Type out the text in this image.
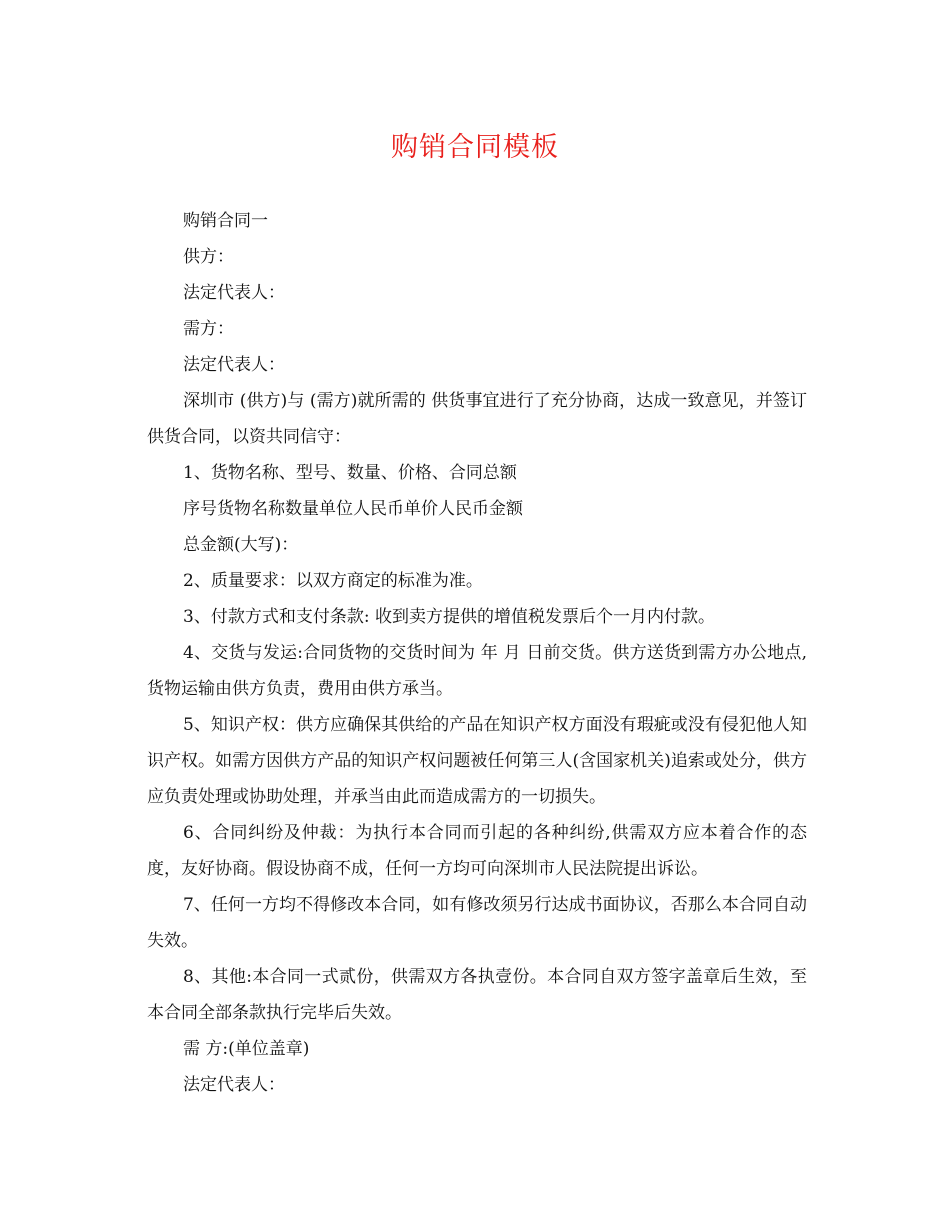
购销合同模板

购销合同一

供方：

法定代表人：

需方：

法定代表人：

深圳市 (供方)与 (需方)就所需的 供货事宜进行了充分协商，达成一致意见，并签订供货合同，以资共同信守：

1、货物名称、型号、数量、价格、合同总额

序号货物名称数量单位人民币单价人民币金额

总金额(大写)：

2、质量要求：以双方商定的标准为准。

3、付款方式和支付条款: 收到卖方提供的增值税发票后个一月内付款。

4、交货与发运:合同货物的交货时间为 年 月 日前交货。供方送货到需方办公地点, 货物运输由供方负责，费用由供方承当。

5、知识产权：供方应确保其供给的产品在知识产权方面没有瑕疵或没有侵犯他人知识产权。如需方因供方产品的知识产权问题被任何第三人(含国家机关)追索或处分，供方应负责处理或协助处理，并承当由此而造成需方的一切损失。

6、合同纠纷及仲裁：为执行本合同而引起的各种纠纷,供需双方应本着合作的态度，友好协商。假设协商不成，任何一方均可向深圳市人民法院提出诉讼。

7、任何一方均不得修改本合同，如有修改须另行达成书面协议，否那么本合同自动失效。

8、其他:本合同一式贰份，供需双方各执壹份。本合同自双方签字盖章后生效，至本合同全部条款执行完毕后失效。

需 方:(单位盖章)

法定代表人：
